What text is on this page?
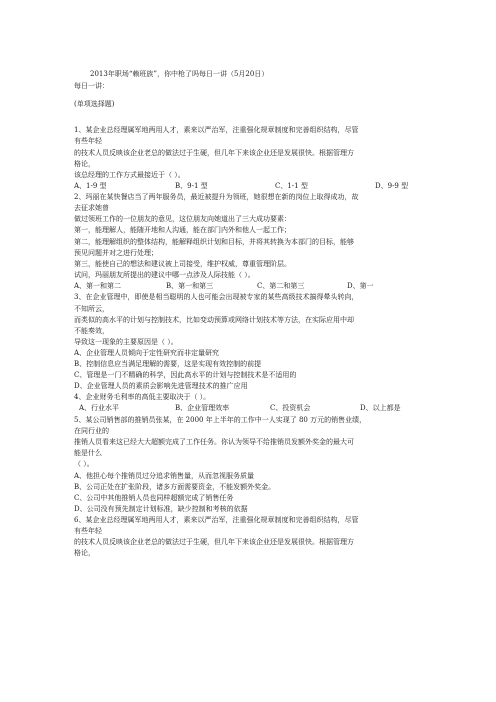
2013年职场“赖班族”，你中枪了吗每日一讲（5月20日）
每日一讲：
(单项选择题)
1、某企业总经理属军地两用人才，素来以严治军，注重强化规章制度和完善组织结构，尽管
有些年轻
的技术人员反映该企业老总的做法过于生硬，但几年下来该企业还是发展很快。根据管理方
格论，
该总经理的工作方式最接近于（ ）。
A、1-9 型	B、9-1 型	C、1-1 型	D、9-9 型
2、玛丽在某快餐店当了两年服务员，最近被提升为领班，她很想在新的岗位上取得成功，故
去征求她曾
做过领班工作的一位朋友的意见，这位朋友向她道出了三大成功要素：
第一，能理解人，能随开地和人沟通，能在部门内外和他人一起工作；
第二，能理解组织的整体结构，能解释组织计划和目标，并将其转换为本部门的目标，能够
预见问题并对之进行处理；
第三，能使自己的想法和建议被上司接受，维护权威，尊重管理阶层。
试问，玛丽朋友所提出的建议中哪一点涉及人际技能（ ）。
A、第一和第二	B、第一和第三	C、第二和第三	D、第一
3、在企业管理中，即使是相当聪明的人也可能会出现被专家的某些高级技术搞得晕头转向，
不知所云，
而类似的高水平的计划与控制技术，比如变动预算或网络计划技术等方法，在实际应用中却
不能奏效，
导致这一现象的主要原因是（ ）。
A、企业管理人员倾向于定性研究而非定量研究
B、控制信息应当满足理解的需要，这是实现有效控制的前提
C、管理是一门不精确的科学，因此高水平的计划与控制技术是不适用的
D、企业管理人员的素质会影响先进管理技术的推广应用
4、企业财务毛利率的高低主要取决于（ ）。
A、行业水平	B、企业管理效率	C、投资机会	D、以上都是
5、某公司销售部的推销员张某，在 2000 年上半年的工作中一人实现了 80 万元的销售业绩，
在同行业的
推销人员看来这已经大大超额完成了工作任务。你认为领导不给推销员发额外奖金的最大可
能是什么
（ ）。
A、他担心每个推销员过分追求销售量，从而忽视服务质量
B、公司正处在扩张阶段，诸多方面需要资金，不能发额外奖金。
C、公司中其他推销人员也同样超额完成了销售任务
D、公司没有预先制定计划标准，缺少控制和考核的依据
6、某企业总经理属军地两用人才，素来以严治军，注重强化规章制度和完善组织结构，尽管
有些年轻
的技术人员反映该企业老总的做法过于生硬，但几年下来该企业还是发展很快。根据管理方
格论，
